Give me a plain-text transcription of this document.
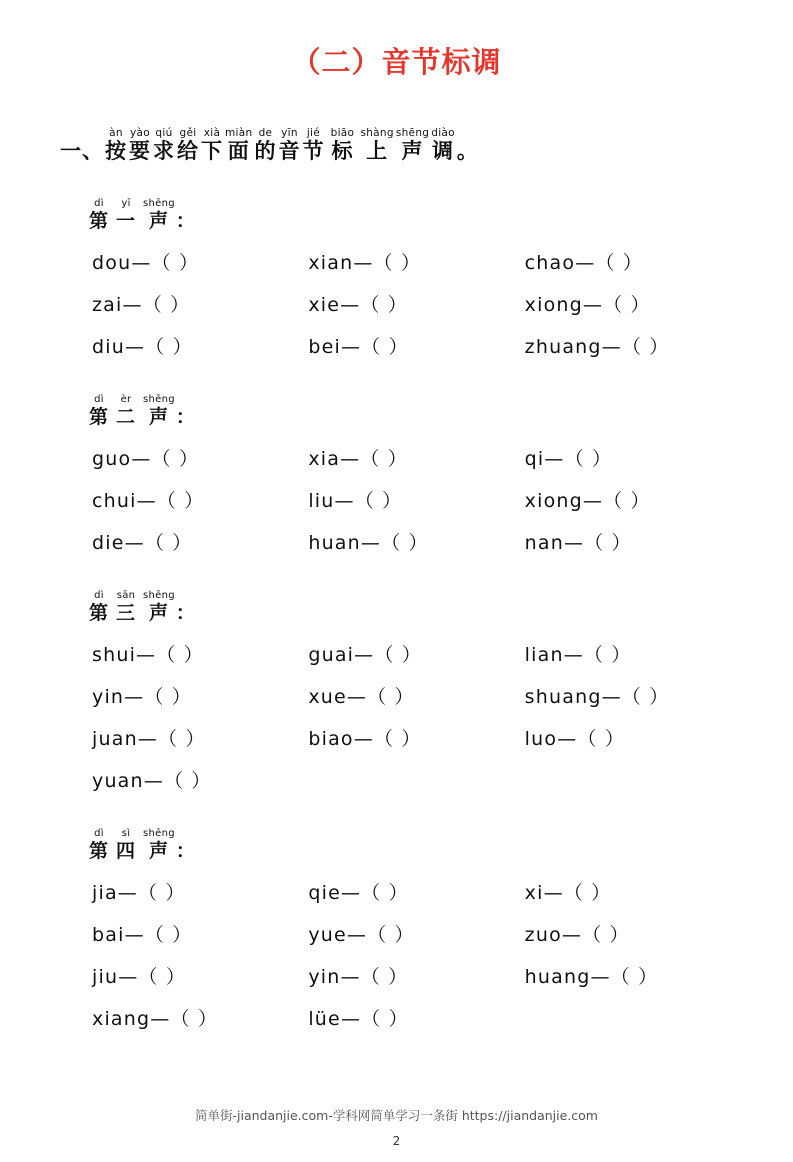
（二）音节标调
一、
àn
按
yào
要
qiú
求
gěi
给
xià
下
miàn
面
de
的
yīn
音
jié
节
biāo
标
shàng
上
shēng
声
diào
调 。
dì
第
yī
一
shēng
声 ：
dou—（ ）	xian—（ ）	chao—（ ）
zai—（ ）	xie—（ ）	xiong—（ ）
diu—（ ）	bei—（ ）	zhuang—（ ）
dì
第
èr
二
shēng
声 ：
guo—（ ）	xia—（ ）	qi—（ ）
chui—（ ）	liu—（ ）	xiong—（ ）
die—（ ）	huan—（ ）	nan—（ ）
dì
第
sān
三
shēng
声 ：
shui—（ ）	guai—（ ）	lian—（ ）
yin—（ ）	xue—（ ）	shuang—（ ）
juan—（ ）	biao—（ ）	luo—（ ）
yuan—（ ）
dì
第
sì
四
shēng
声 ：
jia—（ ）	qie—（ ）	xi—（ ）
bai—（ ）	yue—（ ）	zuo—（ ）
jiu—（ ）	yin—（ ）	huang—（ ）
xiang—（ ）	lüe—（ ）
简单街-jiandanjie.com-学科网简单学习一条街 https://jiandanjie.com
2
